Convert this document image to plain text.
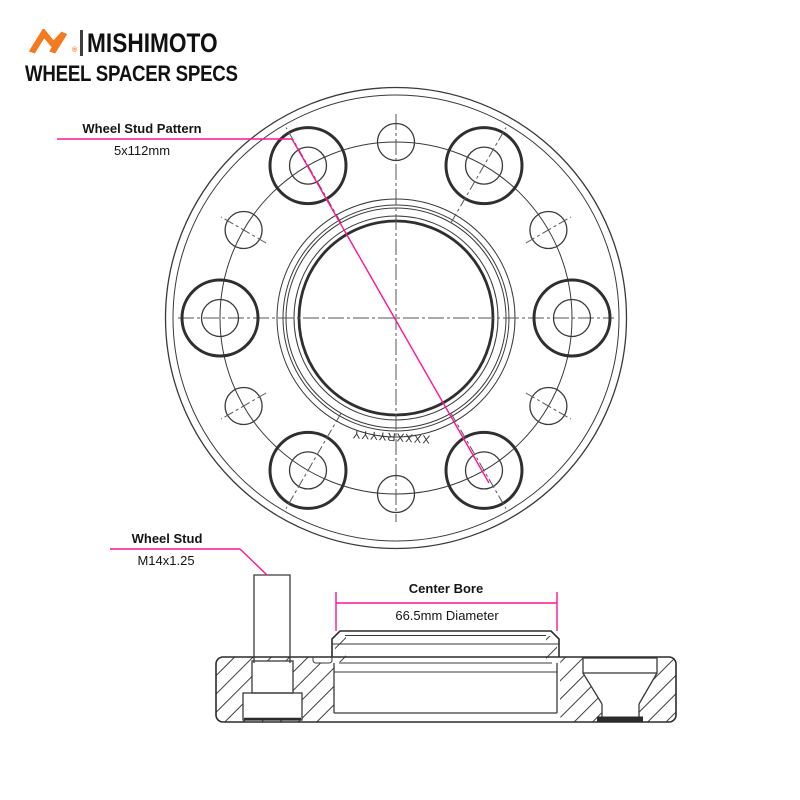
® MISHIMOTO
WHEEL SPACER SPECS
XXXXRYYYY
Wheel Stud Pattern
5x112mm
Wheel Stud
M14x1.25
Center Bore
66.5mm Diameter
